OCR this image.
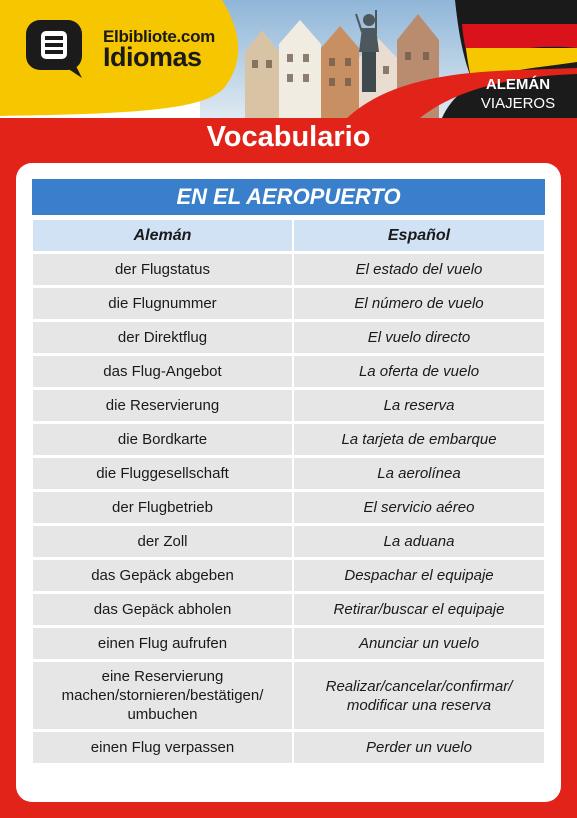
Elbibliote.com
Idiomas
ALEMÁN
VIAJEROS
Vocabulario
EN EL AEROPUERTO
Alemán	Español
der Flugstatus	El estado del vuelo
die Flugnummer	El número de vuelo
der Direktflug	El vuelo directo
das Flug-Angebot	La oferta de vuelo
die Reservierung	La reserva
die Bordkarte	La tarjeta de embarque
die Fluggesellschaft	La aerolínea
der Flugbetrieb	El servicio aéreo
der Zoll	La aduana
das Gepäck abgeben	Despachar el equipaje
das Gepäck abholen	Retirar/buscar el equipaje
einen Flug aufrufen	Anunciar un vuelo
eine Reservierung machen/stornieren/bestätigen/ umbuchen	Realizar/cancelar/confirmar/ modificar una reserva
einen Flug verpassen	Perder un vuelo
